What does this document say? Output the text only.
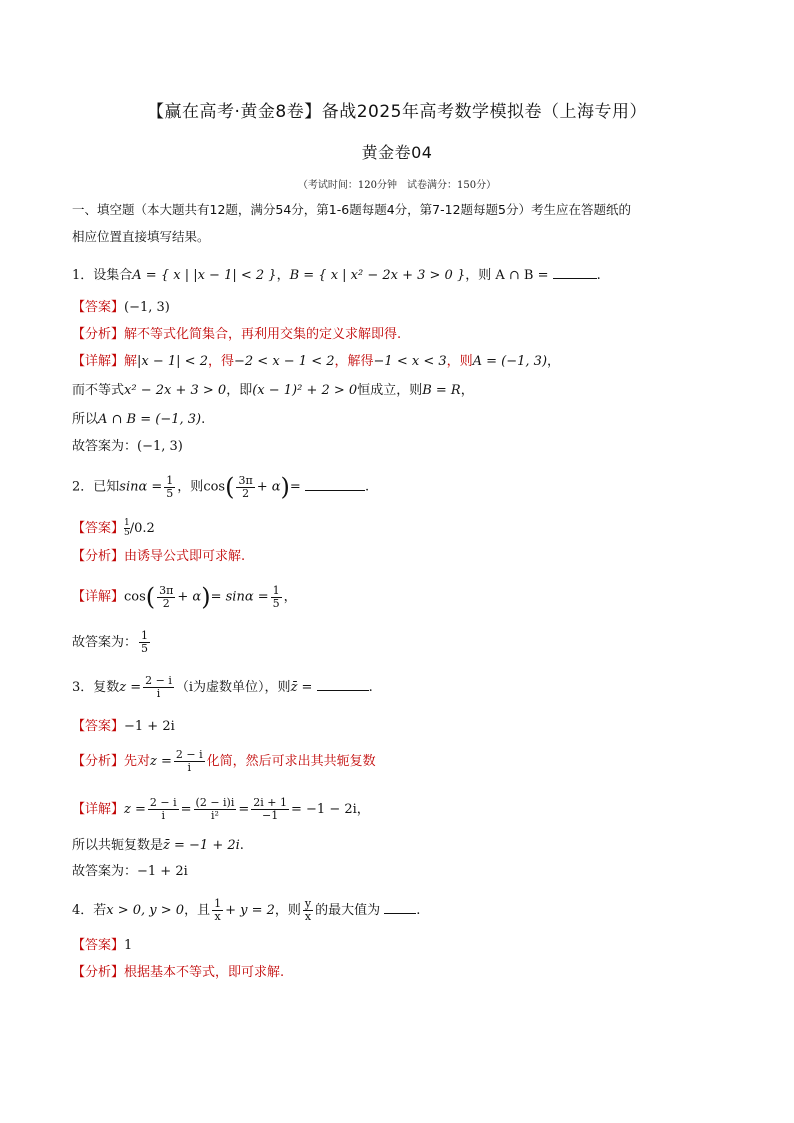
【赢在高考·黄金8卷】备战2025年高考数学模拟卷（上海专用）
黄金卷04
（考试时间：120分钟　试卷满分：150分）
一、填空题（本大题共有12题，满分54分，第1-6题每题4分，第7-12题每题5分）考生应在答题纸的
相应位置直接填写结果。
1．设集合A = { x | |x − 1| < 2 }，B = { x | x² − 2x + 3 > 0 }，则 A ∩ B =	.
【答案】(−1, 3)
【分析】解不等式化简集合，再利用交集的定义求解即得.
【详解】解|x − 1| < 2，得−2 < x − 1 < 2，解得−1 < x < 3，则A = (−1, 3)，
而不等式x² − 2x + 3 > 0，即(x − 1)² + 2 > 0恒成立，则B = R，
所以A ∩ B = (−1, 3).
故答案为：(−1, 3)
2．已知$\sin\alpha = \frac{1}{5}$ ，则$\cos( \frac{3\pi}{2} + \alpha)=$	.
【答案】 $\frac{1}{5}/0.2$
【分析】由诱导公式即可求解.
【详解】$\cos( \frac{3\pi}{2} + \alpha)= \sin\alpha = \frac{1}{5}$ ，
故答案为： $\frac{1}{5}$
3．复数$z = \frac{2 - i}{i} (i$为虚数单位），则z̄ =	.
【答案】−1 + 2i
【分析】先对$z = \frac{2 - i}{i}$ 化简，然后可求出其共轭复数
【详解】$z = \frac{2 - i}{i} = \frac{(2 - i)i}{\text{i²}} = \frac{2i + 1}{-1} = -1 - 2i$，
所以共轭复数是z̄ = −1 + 2i.
故答案为：−1 + 2i
4．若x > 0, y > 0，且 $\frac{1}{x} + y = 2$，则 $\frac{y}{x}$ 的最大值为	.
【答案】1
【分析】根据基本不等式，即可求解.
